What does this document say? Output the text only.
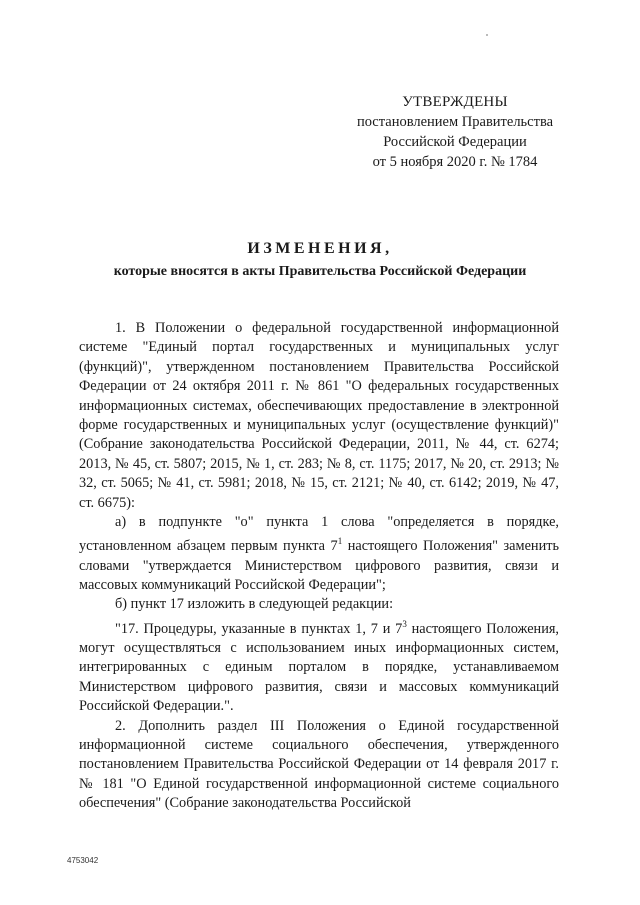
УТВЕРЖДЕНЫ
постановлением Правительства
Российской Федерации
от 5 ноября 2020 г. № 1784
ИЗМЕНЕНИЯ,
которые вносятся в акты Правительства Российской Федерации

1. В Положении о федеральной государственной информационной системе "Единый портал государственных и муниципальных услуг (функций)", утвержденном постановлением Правительства Российской Федерации от 24 октября 2011 г. № 861 "О федеральных государственных информационных системах, обеспечивающих предоставление в электронной форме государственных и муниципальных услуг (осуществление функций)" (Собрание законодательства Российской Федерации, 2011, № 44, ст. 6274; 2013, № 45, ст. 5807; 2015, № 1, ст. 283; № 8, ст. 1175; 2017, № 20, ст. 2913; № 32, ст. 5065; № 41, ст. 5981; 2018, № 15, ст. 2121; № 40, ст. 6142; 2019, № 47, ст. 6675):

а) в подпункте "о" пункта 1 слова "определяется в порядке, установленном абзацем первым пункта $7^1$ настоящего Положения" заменить словами "утверждается Министерством цифрового развития, связи и массовых коммуникаций Российской Федерации";

б) пункт 17 изложить в следующей редакции:

"17. Процедуры, указанные в пунктах 1, 7 и $7^3$ настоящего Положения, могут осуществляться с использованием иных информационных систем, интегрированных с единым порталом в порядке, устанавливаемом Министерством цифрового развития, связи и массовых коммуникаций Российской Федерации.".

2. Дополнить раздел III Положения о Единой государственной информационной системе социального обеспечения, утвержденного постановлением Правительства Российской Федерации от 14 февраля 2017 г. № 181 "О Единой государственной информационной системе социального обеспечения" (Собрание законодательства Российской

4753042
